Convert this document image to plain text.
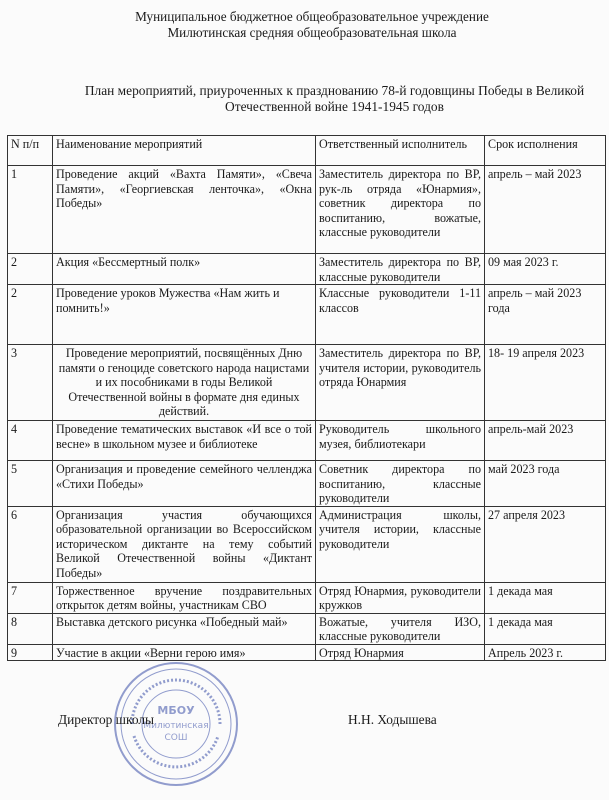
Муниципальное бюджетное общеобразовательное учреждение
Милютинская средняя общеобразовательная школа
План мероприятий, приуроченных к празднованию 78-й годовщины Победы в Великой
Отечественной войне 1941-1945 годов
N п/п	Наименование мероприятий	Ответственный исполнитель	Срок исполнения
1	Проведение акций «Вахта Памяти», «Свеча Памяти», «Георгиевская ленточка», «Окна Победы»	Заместитель директора по ВР, рук-ль отряда «Юнармия», советник директора по воспитанию, вожатые, классные руководители	апрель – май 2023
2	Акция «Бессмертный полк»	Заместитель директора по ВР, классные руководители	09 мая 2023 г.
2	Проведение уроков Мужества «Нам жить и помнить!»	Классные руководители 1-11 классов	апрель – май 2023 года
3	Проведение мероприятий, посвящённых Дню памяти о геноциде советского народа нацистами и их пособниками в годы Великой Отечественной войны в формате дня единых действий.	Заместитель директора по ВР, учителя истории, руководитель отряда Юнармия	18- 19 апреля 2023
4	Проведение тематических выставок «И все о той весне» в школьном музее и библиотеке	Руководитель школьного музея, библиотекари	апрель-май 2023
5	Организация и проведение семейного челленджа «Стихи Победы»	Советник директора по воспитанию, классные руководители	май 2023 года
6	Организация участия обучающихся образовательной организации во Всероссийском историческом диктанте на тему событий Великой Отечественной войны «Диктант Победы»	Администрация школы, учителя истории, классные руководители	27 апреля 2023
7	Торжественное вручение поздравительных открыток детям войны, участникам СВО	Отряд Юнармия, руководители кружков	1 декада мая
8	Выставка детского рисунка «Победный май»	Вожатые, учителя ИЗО, классные руководители	1 декада мая
9	Участие в акции «Верни герою имя»	Отряд Юнармия	Апрель 2023 г.
МБОУ
Милютинская
СОШ
Директор школы	Н.Н. Ходышева
